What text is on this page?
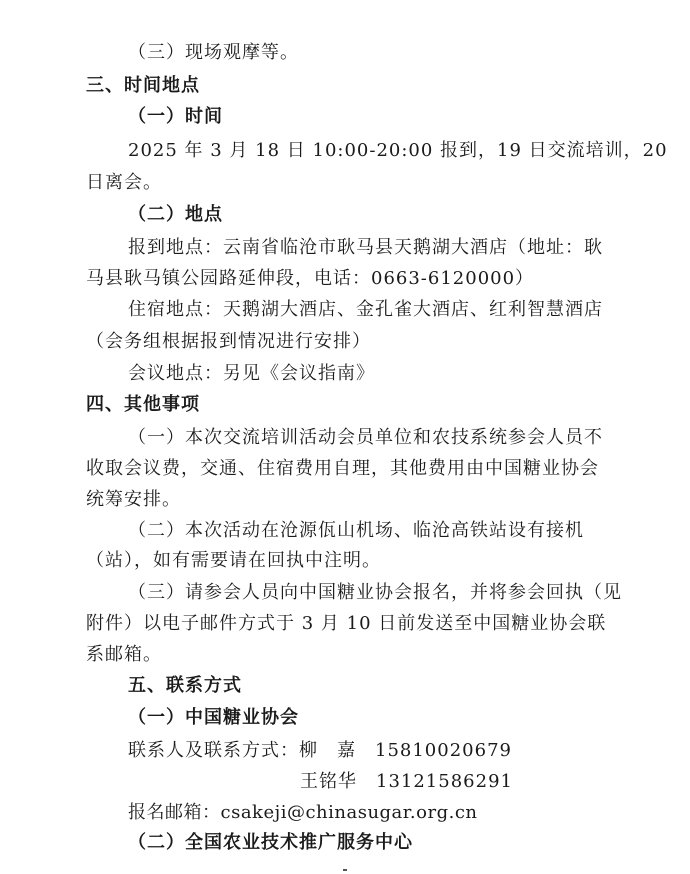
（三）现场观摩等。
三、时间地点
（一）时间
2025 年 3 月 18 日 10:00-20:00 报到，19 日交流培训，20
日离会。
（二）地点
报到地点：云南省临沧市耿马县天鹅湖大酒店（地址：耿
马县耿马镇公园路延伸段，电话：0663-6120000）
住宿地点：天鹅湖大酒店、金孔雀大酒店、红利智慧酒店
（会务组根据报到情况进行安排）
会议地点：另见《会议指南》
四、其他事项
（一）本次交流培训活动会员单位和农技系统参会人员不
收取会议费，交通、住宿费用自理，其他费用由中国糖业协会
统筹安排。
（二）本次活动在沧源佤山机场、临沧高铁站设有接机
（站），如有需要请在回执中注明。
（三）请参会人员向中国糖业协会报名，并将参会回执（见
附件）以电子邮件方式于 3 月 10 日前发送至中国糖业协会联
系邮箱。
五、联系方式
（一）中国糖业协会
联系人及联系方式：柳　嘉　15810020679
王铭华　13121586291
报名邮箱：csakeji@chinasugar.org.cn
（二）全国农业技术推广服务中心
